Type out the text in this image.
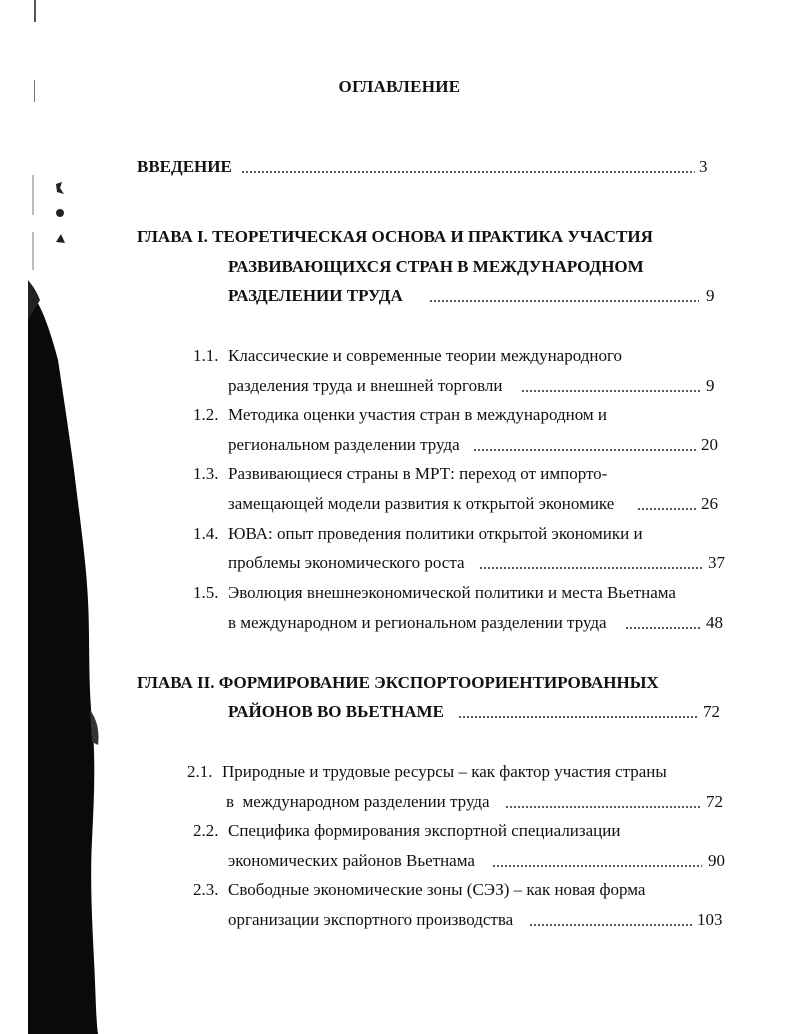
ОГЛАВЛЕНИЕ
ВВЕДЕНИЕ	3
ГЛАВА I. ТЕОРЕТИЧЕСКАЯ ОСНОВА И ПРАКТИКА УЧАСТИЯ
РАЗВИВАЮЩИХСЯ СТРАН В МЕЖДУНАРОДНОМ
РАЗДЕЛЕНИИ ТРУДА	9
1.1. Классические и современные теории международного
разделения труда и внешней торговли	9
1.2. Методика оценки участия стран в международном и
региональном разделении труда	20
1.3. Развивающиеся страны в МРТ: переход от импорто-
замещающей модели развития к открытой экономике	26
1.4. ЮВА: опыт проведения политики открытой экономики и
проблемы экономического роста	37
1.5. Эволюция внешнеэкономической политики и места Вьетнама
в международном и региональном разделении труда	48
ГЛАВА II. ФОРМИРОВАНИЕ ЭКСПОРТООРИЕНТИРОВАННЫХ
РАЙОНОВ ВО ВЬЕТНАМЕ	72
2.1. Природные и трудовые ресурсы – как фактор участия страны
в  международном разделении труда	72
2.2. Специфика формирования экспортной специализации
экономических районов Вьетнама	90
2.3. Свободные экономические зоны (СЭЗ) – как новая форма
организации экспортного производства	103
